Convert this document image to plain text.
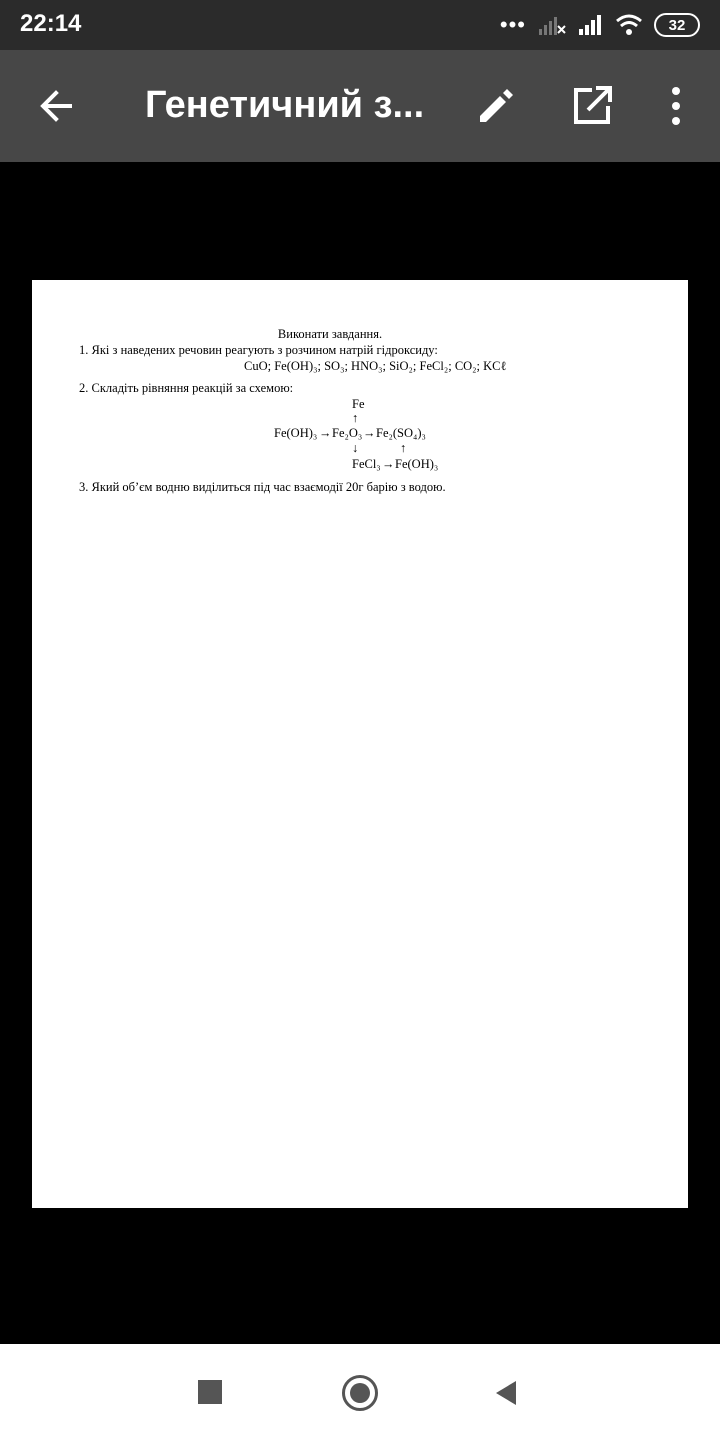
22:14	•••	32
Генетичний з...
Виконати завдання.
1. Які з наведених речовин реагують з розчином натрій гідроксиду:
CuO; Fe(OH)₃; SO₃; HNO₃; SiO₂; FeCl₂; CO₂; KCℓ
2. Складіть рівняння реакцій за схемою:
Fe
↑
Fe(OH)₃ → Fe₂O₃ → Fe₂(SO₄)₃
↓	↑
FeCl₃ → Fe(OH)₃
3. Який об’єм водню виділиться під час взаємодії 20г барію з водою.
